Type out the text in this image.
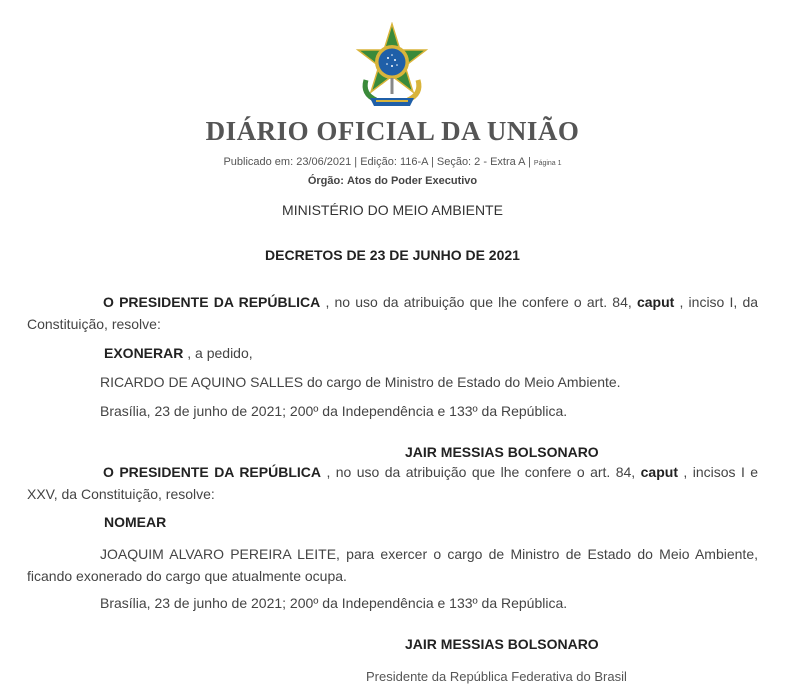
DIÁRIO OFICIAL DA UNIÃO
Publicado em: 23/06/2021 | Edição: 116-A | Seção: 2 - Extra A | Página 1
Órgão: Atos do Poder Executivo
MINISTÉRIO DO MEIO AMBIENTE
DECRETOS DE 23 DE JUNHO DE 2021
O PRESIDENTE DA REPÚBLICA , no uso da atribuição que lhe confere o art. 84, caput , inciso I, da Constituição, resolve:
EXONERAR , a pedido,
RICARDO DE AQUINO SALLES do cargo de Ministro de Estado do Meio Ambiente.
Brasília, 23 de junho de 2021; 200º da Independência e 133º da República.
JAIR MESSIAS BOLSONARO
O PRESIDENTE DA REPÚBLICA , no uso da atribuição que lhe confere o art. 84, caput , incisos I e XXV, da Constituição, resolve:
NOMEAR
JOAQUIM ALVARO PEREIRA LEITE, para exercer o cargo de Ministro de Estado do Meio Ambiente, ficando exonerado do cargo que atualmente ocupa.
Brasília, 23 de junho de 2021; 200º da Independência e 133º da República.
JAIR MESSIAS BOLSONARO
Presidente da República Federativa do Brasil
